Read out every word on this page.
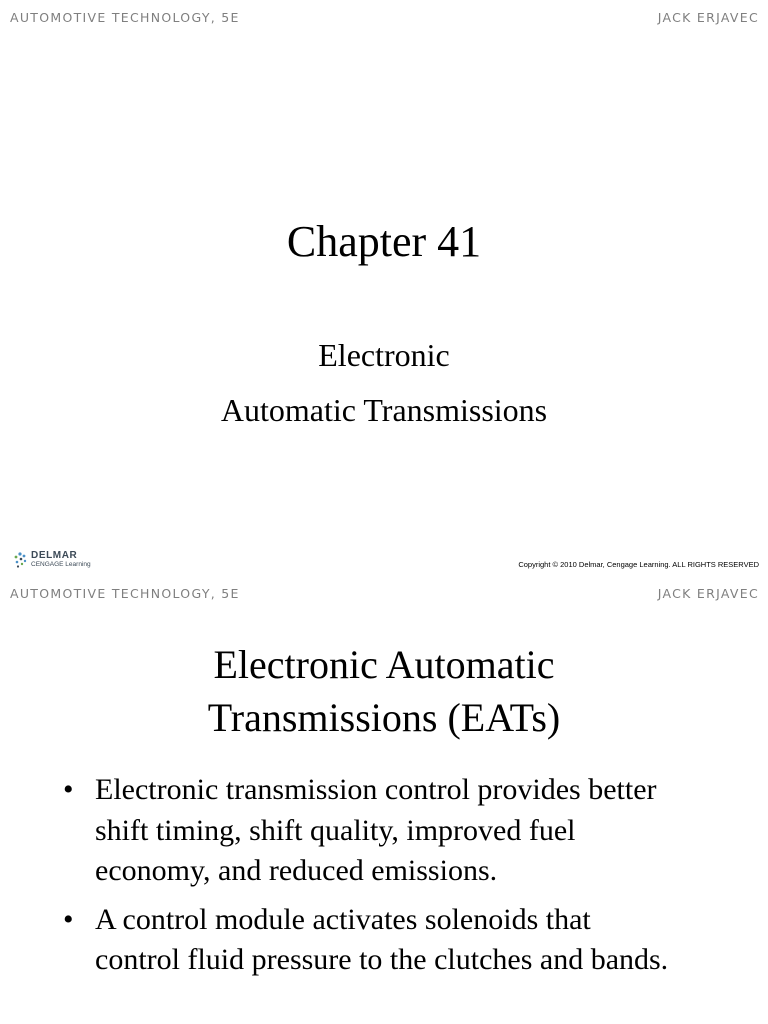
AUTOMOTIVE TECHNOLOGY, 5E	JACK ERJAVEC
Chapter 41
Electronic
Automatic Transmissions
DELMAR
CENGAGE Learning	Copyright © 2010 Delmar, Cengage Learning. ALL RIGHTS RESERVED
AUTOMOTIVE TECHNOLOGY, 5E	JACK ERJAVEC
Electronic Automatic
Transmissions (EATs)
• Electronic transmission control provides better shift timing, shift quality, improved fuel economy, and reduced emissions.
• A control module activates solenoids that control fluid pressure to the clutches and bands.
